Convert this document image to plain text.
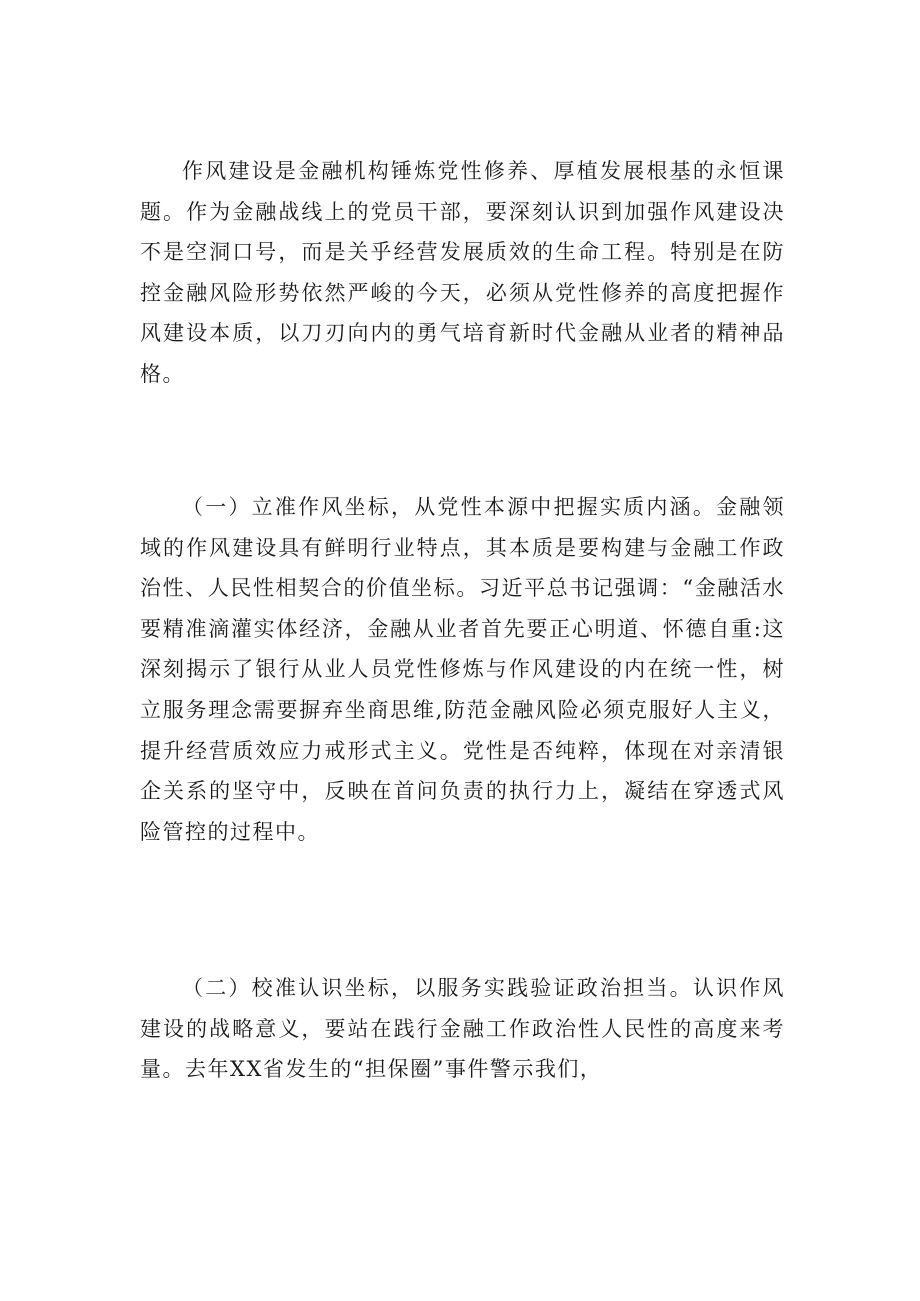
作风建设是金融机构锤炼党性修养、厚植发展根基的永恒课题。作为金融战线上的党员干部，要深刻认识到加强作风建设决不是空洞口号，而是关乎经营发展质效的生命工程。特别是在防控金融风险形势依然严峻的今天，必须从党性修养的高度把握作风建设本质，以刀刃向内的勇气培育新时代金融从业者的精神品格。

（一）立准作风坐标，从党性本源中把握实质内涵。金融领域的作风建设具有鲜明行业特点，其本质是要构建与金融工作政治性、人民性相契合的价值坐标。习近平总书记强调：“金融活水要精准滴灌实体经济，金融从业者首先要正心明道、怀德自重:这深刻揭示了银行从业人员党性修炼与作风建设的内在统一性，树立服务理念需要摒弃坐商思维,防范金融风险必须克服好人主义，提升经营质效应力戒形式主义。党性是否纯粹，体现在对亲清银企关系的坚守中，反映在首问负责的执行力上，凝结在穿透式风险管控的过程中。

（二）校准认识坐标，以服务实践验证政治担当。认识作风建设的战略意义，要站在践行金融工作政治性人民性的高度来考量。去年XX省发生的“担保圈”事件警示我们，
